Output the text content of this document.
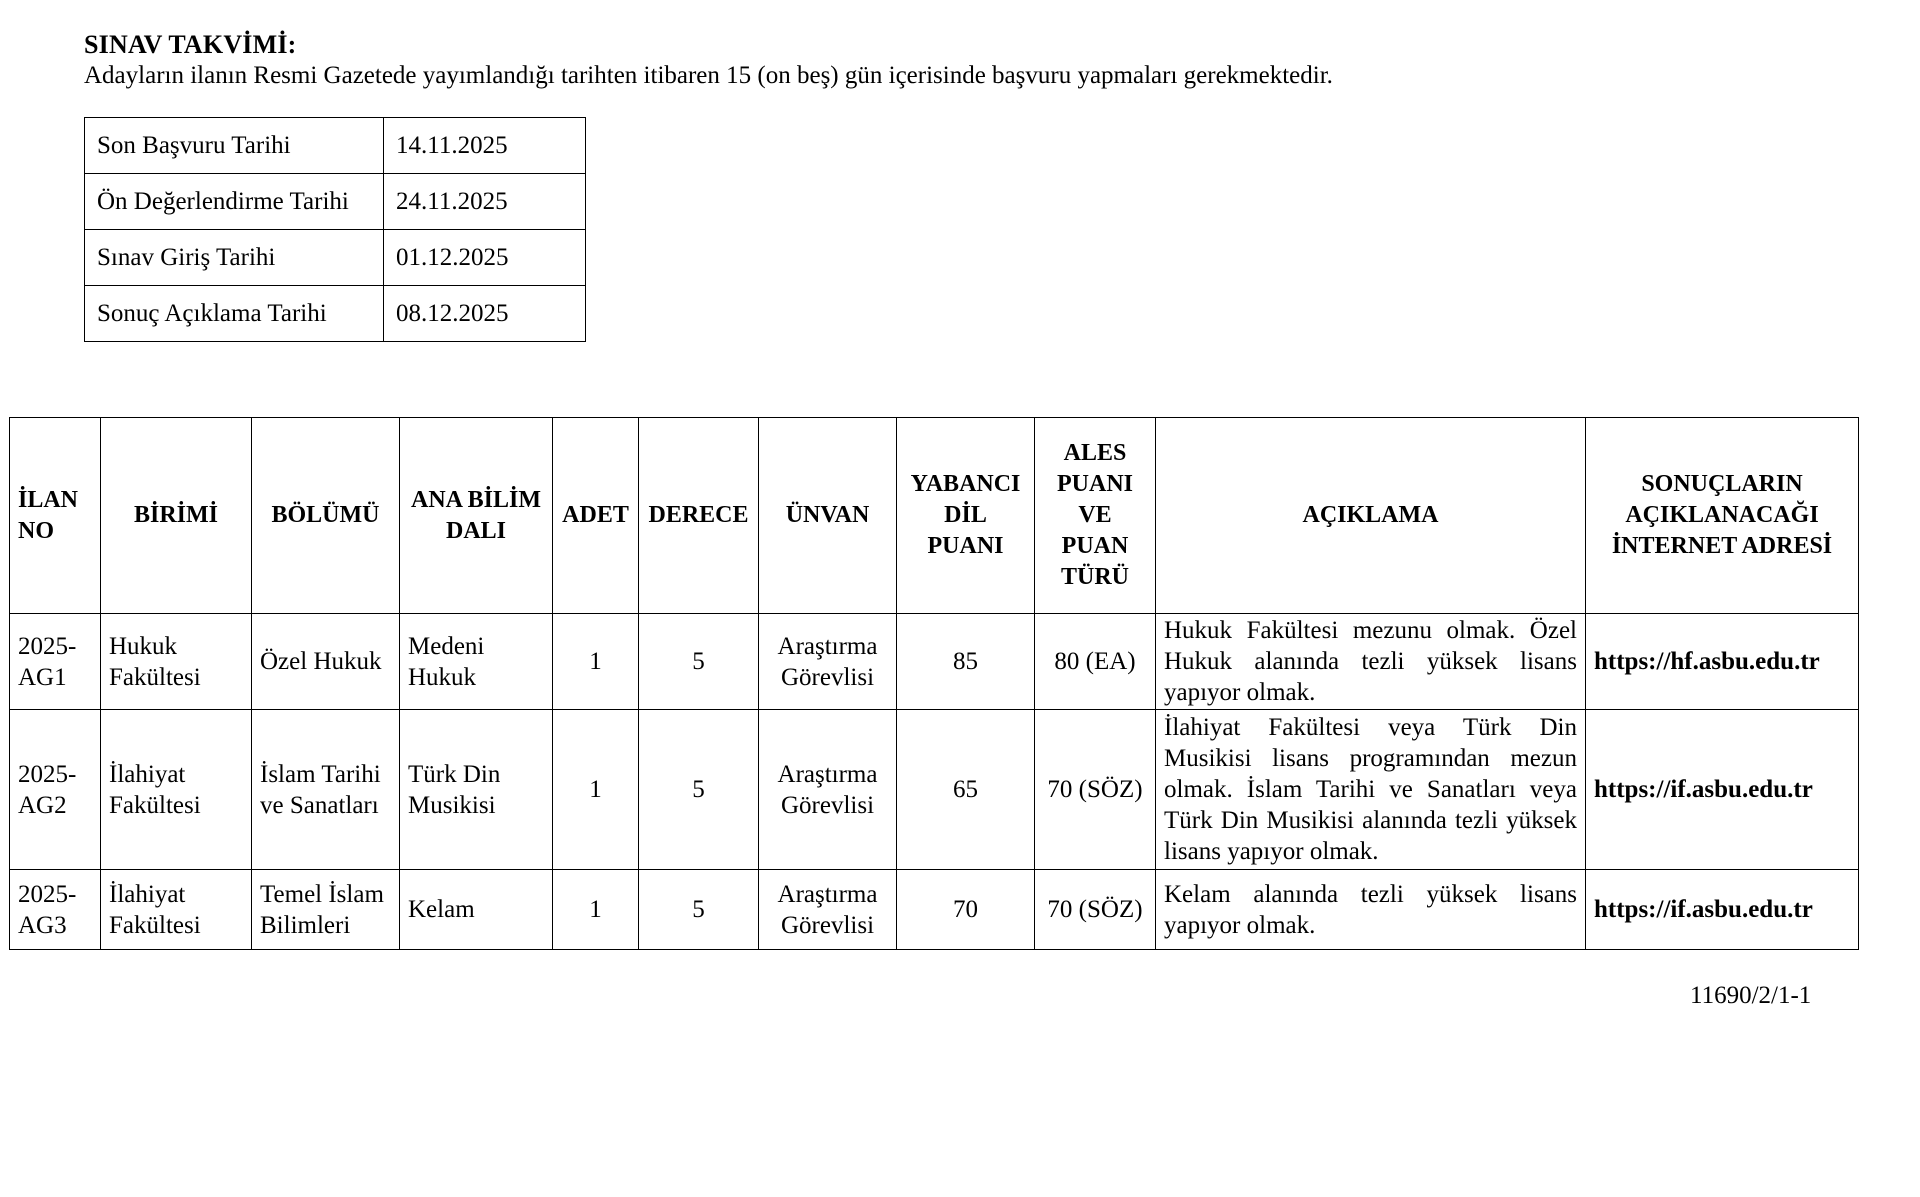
SINAV TAKVİMİ:
Adayların ilanın Resmi Gazetede yayımlandığı tarihten itibaren 15 (on beş) gün içerisinde başvuru yapmaları gerekmektedir.
Son Başvuru Tarihi	14.11.2025
Ön Değerlendirme Tarihi	24.11.2025
Sınav Giriş Tarihi	01.12.2025
Sonuç Açıklama Tarihi	08.12.2025
İLAN NO	BİRİMİ	BÖLÜMÜ	ANA BİLİM DALI	ADET	DERECE	ÜNVAN	YABANCI DİL PUANI	ALES PUANI VE PUAN TÜRÜ	AÇIKLAMA	SONUÇLARIN AÇIKLANACAĞI İNTERNET ADRESİ
2025-AG1	Hukuk Fakültesi	Özel Hukuk	Medeni Hukuk	1	5	Araştırma Görevlisi	85	80 (EA)	Hukuk Fakültesi mezunu olmak. Özel Hukuk alanında tezli yüksek lisans yapıyor olmak.	https://hf.asbu.edu.tr
2025-AG2	İlahiyat Fakültesi	İslam Tarihi ve Sanatları	Türk Din Musikisi	1	5	Araştırma Görevlisi	65	70 (SÖZ)	İlahiyat Fakültesi veya Türk Din Musikisi lisans programından mezun olmak. İslam Tarihi ve Sanatları veya Türk Din Musikisi alanında tezli yüksek lisans yapıyor olmak.	https://if.asbu.edu.tr
2025-AG3	İlahiyat Fakültesi	Temel İslam Bilimleri	Kelam	1	5	Araştırma Görevlisi	70	70 (SÖZ)	Kelam alanında tezli yüksek lisans yapıyor olmak.	https://if.asbu.edu.tr
11690/2/1-1
